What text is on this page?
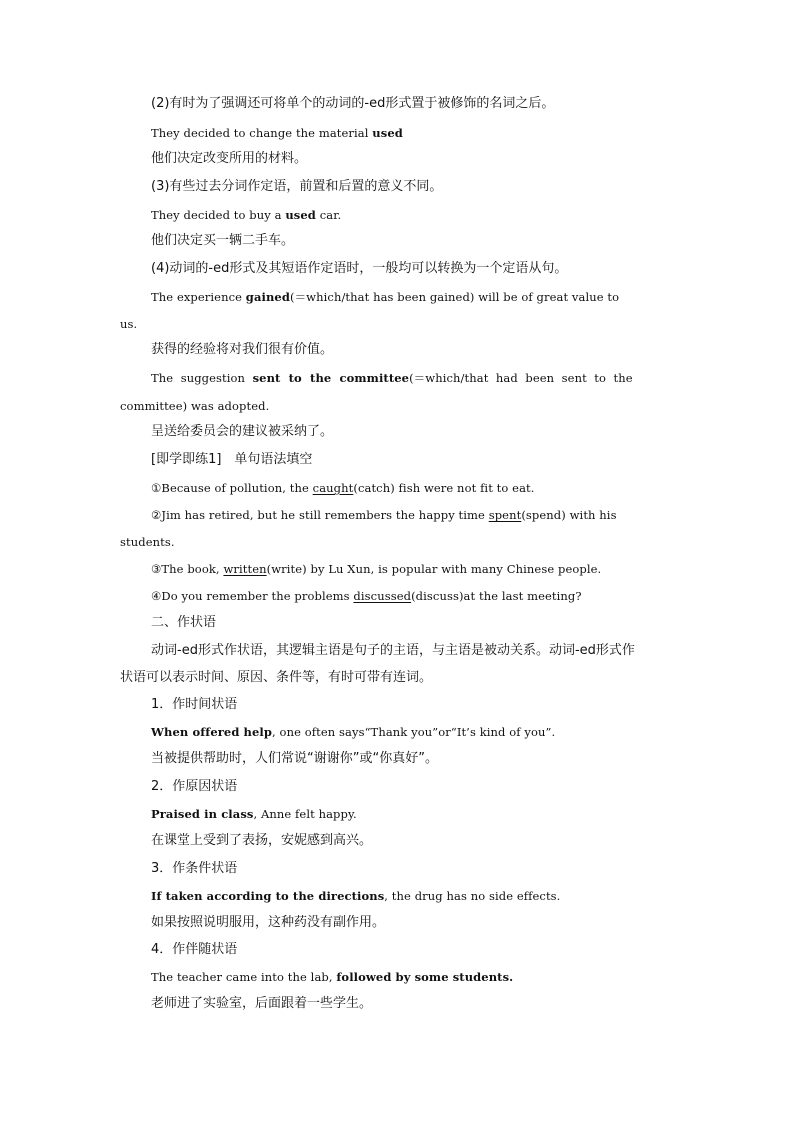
(2)有时为了强调还可将单个的动词的-ed形式置于被修饰的名词之后。
They decided to change the material used
他们决定改变所用的材料。
(3)有些过去分词作定语，前置和后置的意义不同。
They decided to buy a used car.
他们决定买一辆二手车。
(4)动词的-ed形式及其短语作定语时，一般均可以转换为一个定语从句。
The experience gained(＝which/that has been gained) will be of great value to
us.
获得的经验将对我们很有价值。
The  suggestion  sent  to  the  committee(＝which/that  had  been  sent  to  the
committee) was adopted.
呈送给委员会的建议被采纳了。
[即学即练1]　单句语法填空
①Because of pollution, the caught(catch) fish were not fit to eat.
②Jim has retired, but he still remembers the happy time spent(spend) with his
students.
③The book, written(write) by Lu Xun, is popular with many Chinese people.
④Do you remember the problems discussed(discuss)at the last meeting?
二、作状语
动词-ed形式作状语，其逻辑主语是句子的主语，与主语是被动关系。动词-ed形式作
状语可以表示时间、原因、条件等，有时可带有连词。
1．作时间状语
When offered help, one often says“Thank you”or“It’s kind of you”.
当被提供帮助时，人们常说“谢谢你”或“你真好”。
2．作原因状语
Praised in class, Anne felt happy.
在课堂上受到了表扬，安妮感到高兴。
3．作条件状语
If taken according to the directions, the drug has no side effects.
如果按照说明服用，这种药没有副作用。
4．作伴随状语
The teacher came into the lab, followed by some students.
老师进了实验室，后面跟着一些学生。
